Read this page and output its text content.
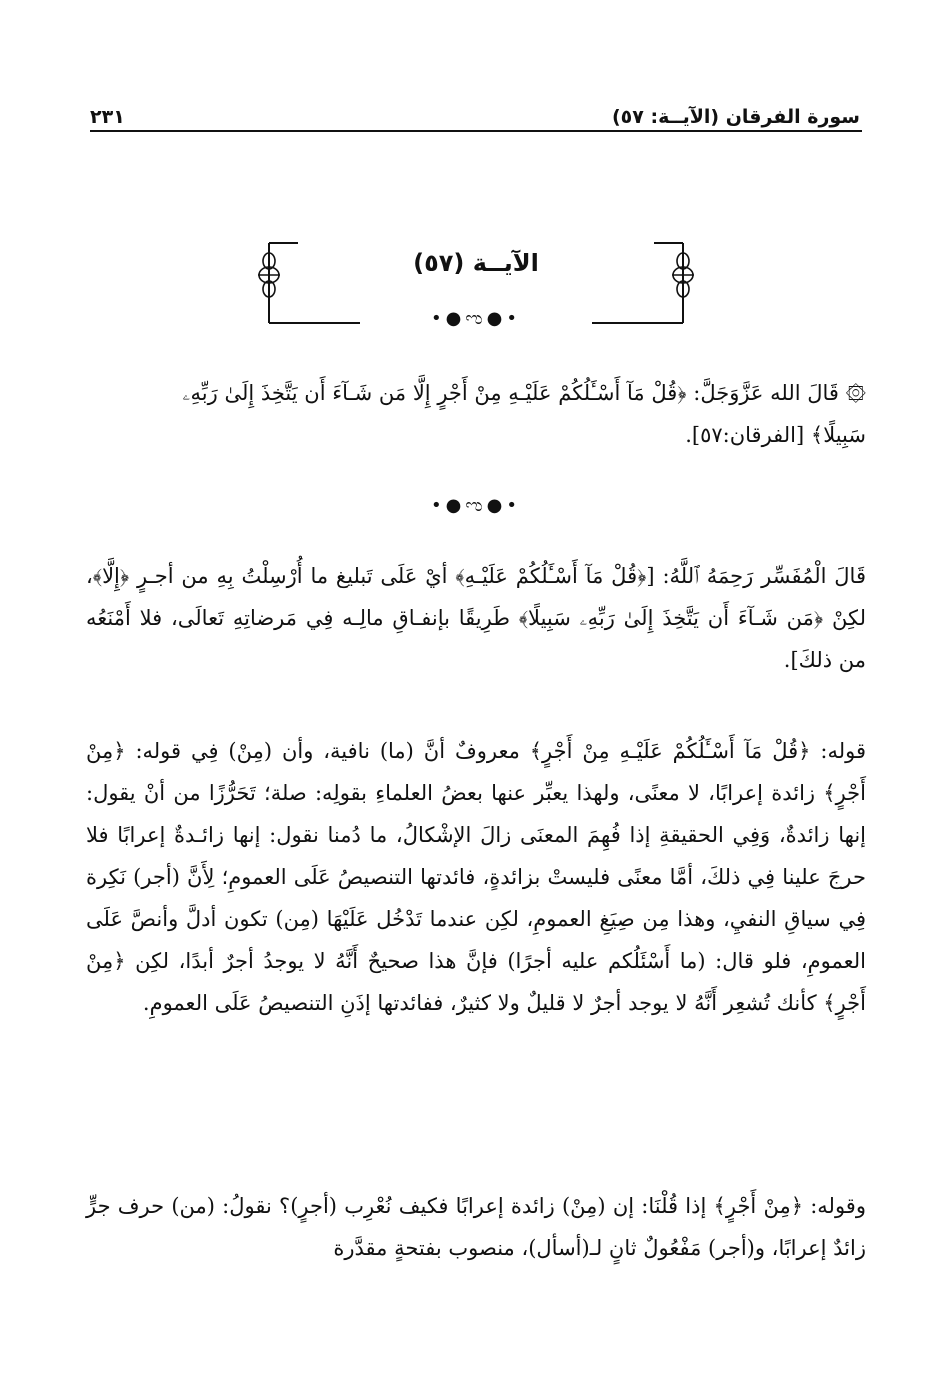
سورة الفرقان (الآيــة: ٥٧)
٢٣١
الآيــة (٥٧)
•●ಌ●•
۞ قَالَ الله عَزَّوَجَلَّ: ﴿قُلْ مَآ أَسْـَٔلُكُمْ عَلَيْـهِ مِنْ أَجْرٍ إِلَّا مَن شَـآءَ أَن يَتَّخِذَ إِلَىٰ رَبِّهِۦ
سَبِيلًا﴾ [الفرقان:٥٧].
•●ಌ●•
قَالَ الْمُفَسِّر رَحِمَهُ ٱللَّهُ: [﴿قُلْ مَآ أَسْـَٔلُكُمْ عَلَيْـهِ﴾ أيْ عَلَى تَبليغ ما أُرْسِلْتُ بِهِ من أجـرٍ ﴿إِلَّا﴾، لكِنْ ﴿مَن شَـآءَ أَن يَتَّخِذَ إِلَىٰ رَبِّهِۦ سَبِيلًا﴾ طَرِيقًا بإنفـاقِ مالِـه فِي مَرضاتِهِ تَعالَى، فلا أَمْنَعُه من ذلكَ].
قوله: ﴿قُلْ مَآ أَسْـَٔلُكُمْ عَلَيْـهِ مِنْ أَجْرٍ﴾ معروفٌ أنَّ (ما) نافية، وأن (مِنْ) فِي قوله: ﴿مِنْ أَجْرٍ﴾ زائدة إعرابًا، لا معنًى، ولهذا يعبِّر عنها بعضُ العلماءِ بقولِه: صلة؛ تَحَرُّزًا من أنْ يقول: إنها زائدةٌ، وَفِي الحقيقةِ إذا فُهِمَ المعنَى زالَ الإشْكالُ، ما دُمنا نقول: إنها زائـدةٌ إعرابًا فلا حرجَ علينا فِي ذلكَ، أمَّا معنًى فليستْ بزائدةٍ، فائدتها التنصيصُ عَلَى العمومِ؛ لِأَنَّ (أجر) نَكِرة فِي سياقِ النفيِ، وهذا مِن صِيَغِ العمومِ، لكِن عندما تَدْخُل عَلَيْهَا (مِن) تكون أدلَّ وأنصَّ عَلَى العمومِ، فلو قال: (ما أَسْئَلُكم عليه أجرًا) فإنَّ هذا صحيحٌ أَنَّهُ لا يوجدُ أجرٌ أبدًا، لكِن ﴿مِنْ أَجْرٍ﴾ كأنك تُشعِر أَنَّهُ لا يوجد أجرٌ لا قليلٌ ولا كثيرٌ، ففائدتها إذَنِ التنصيصُ عَلَى العمومِ.
وقوله: ﴿مِنْ أَجْرٍ﴾ إذا قُلْنَا: إن (مِنْ) زائدة إعرابًا فكيف نُعْرِب (أجرٍ)؟ نقولُ: (من) حرف جرٍّ زائدٌ إعرابًا، و(أجر) مَفْعُولٌ ثانٍ لـ(أسأل)، منصوب بفتحةٍ مقدَّرة
